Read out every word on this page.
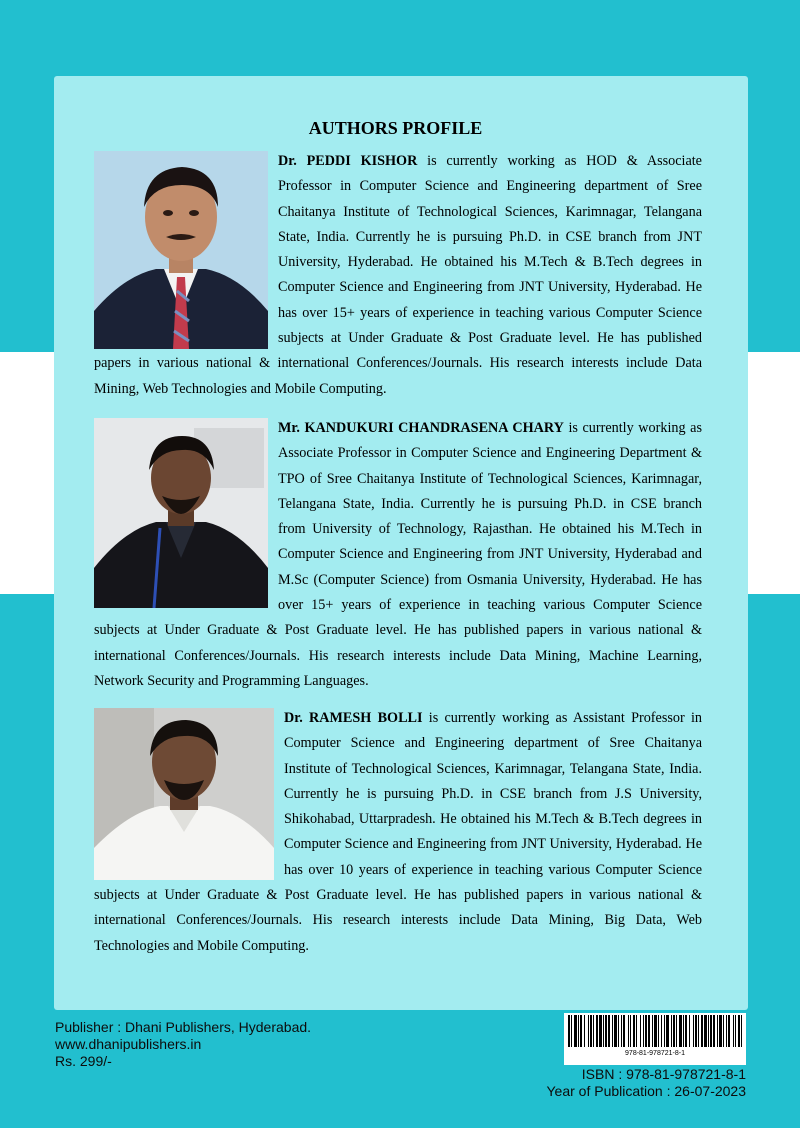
AUTHORS PROFILE
Dr. PEDDI KISHOR is currently working as HOD & Associate Professor in Computer Science and Engineering department of Sree Chaitanya Institute of Technological Sciences, Karimnagar, Telangana State, India. Currently he is pursuing Ph.D. in CSE branch from JNT University, Hyderabad. He obtained his M.Tech & B.Tech degrees in Computer Science and Engineering from JNT University, Hyderabad. He has over 15+ years of experience in teaching various Computer Science subjects at Under Graduate & Post Graduate level. He has published papers in various national & international Conferences/Journals. His research interests include Data Mining, Web Technologies and Mobile Computing.
Mr. KANDUKURI CHANDRASENA CHARY is currently working as Associate Professor in Computer Science and Engineering Department & TPO of Sree Chaitanya Institute of Technological Sciences, Karimnagar, Telangana State, India. Currently he is pursuing Ph.D. in CSE branch from University of Technology, Rajasthan. He obtained his M.Tech in Computer Science and Engineering from JNT University, Hyderabad and M.Sc (Computer Science) from Osmania University, Hyderabad. He has over 15+ years of experience in teaching various Computer Science subjects at Under Graduate & Post Graduate level. He has published papers in various national & international Conferences/Journals. His research interests include Data Mining, Machine Learning, Network Security and Programming Languages.
Dr. RAMESH BOLLI is currently working as Assistant Professor in Computer Science and Engineering department of Sree Chaitanya Institute of Technological Sciences, Karimnagar, Telangana State, India. Currently he is pursuing Ph.D. in CSE branch from J.S University, Shikohabad, Uttarpradesh. He obtained his M.Tech & B.Tech degrees in Computer Science and Engineering from JNT University, Hyderabad. He has over 10 years of experience in teaching various Computer Science subjects at Under Graduate & Post Graduate level. He has published papers in various national & international Conferences/Journals. His research interests include Data Mining, Big Data, Web Technologies and Mobile Computing.
Publisher : Dhani Publishers, Hyderabad.
www.dhanipublishers.in
Rs. 299/-	978-81-978721-8-1
ISBN : 978-81-978721-8-1
Year of Publication : 26-07-2023
